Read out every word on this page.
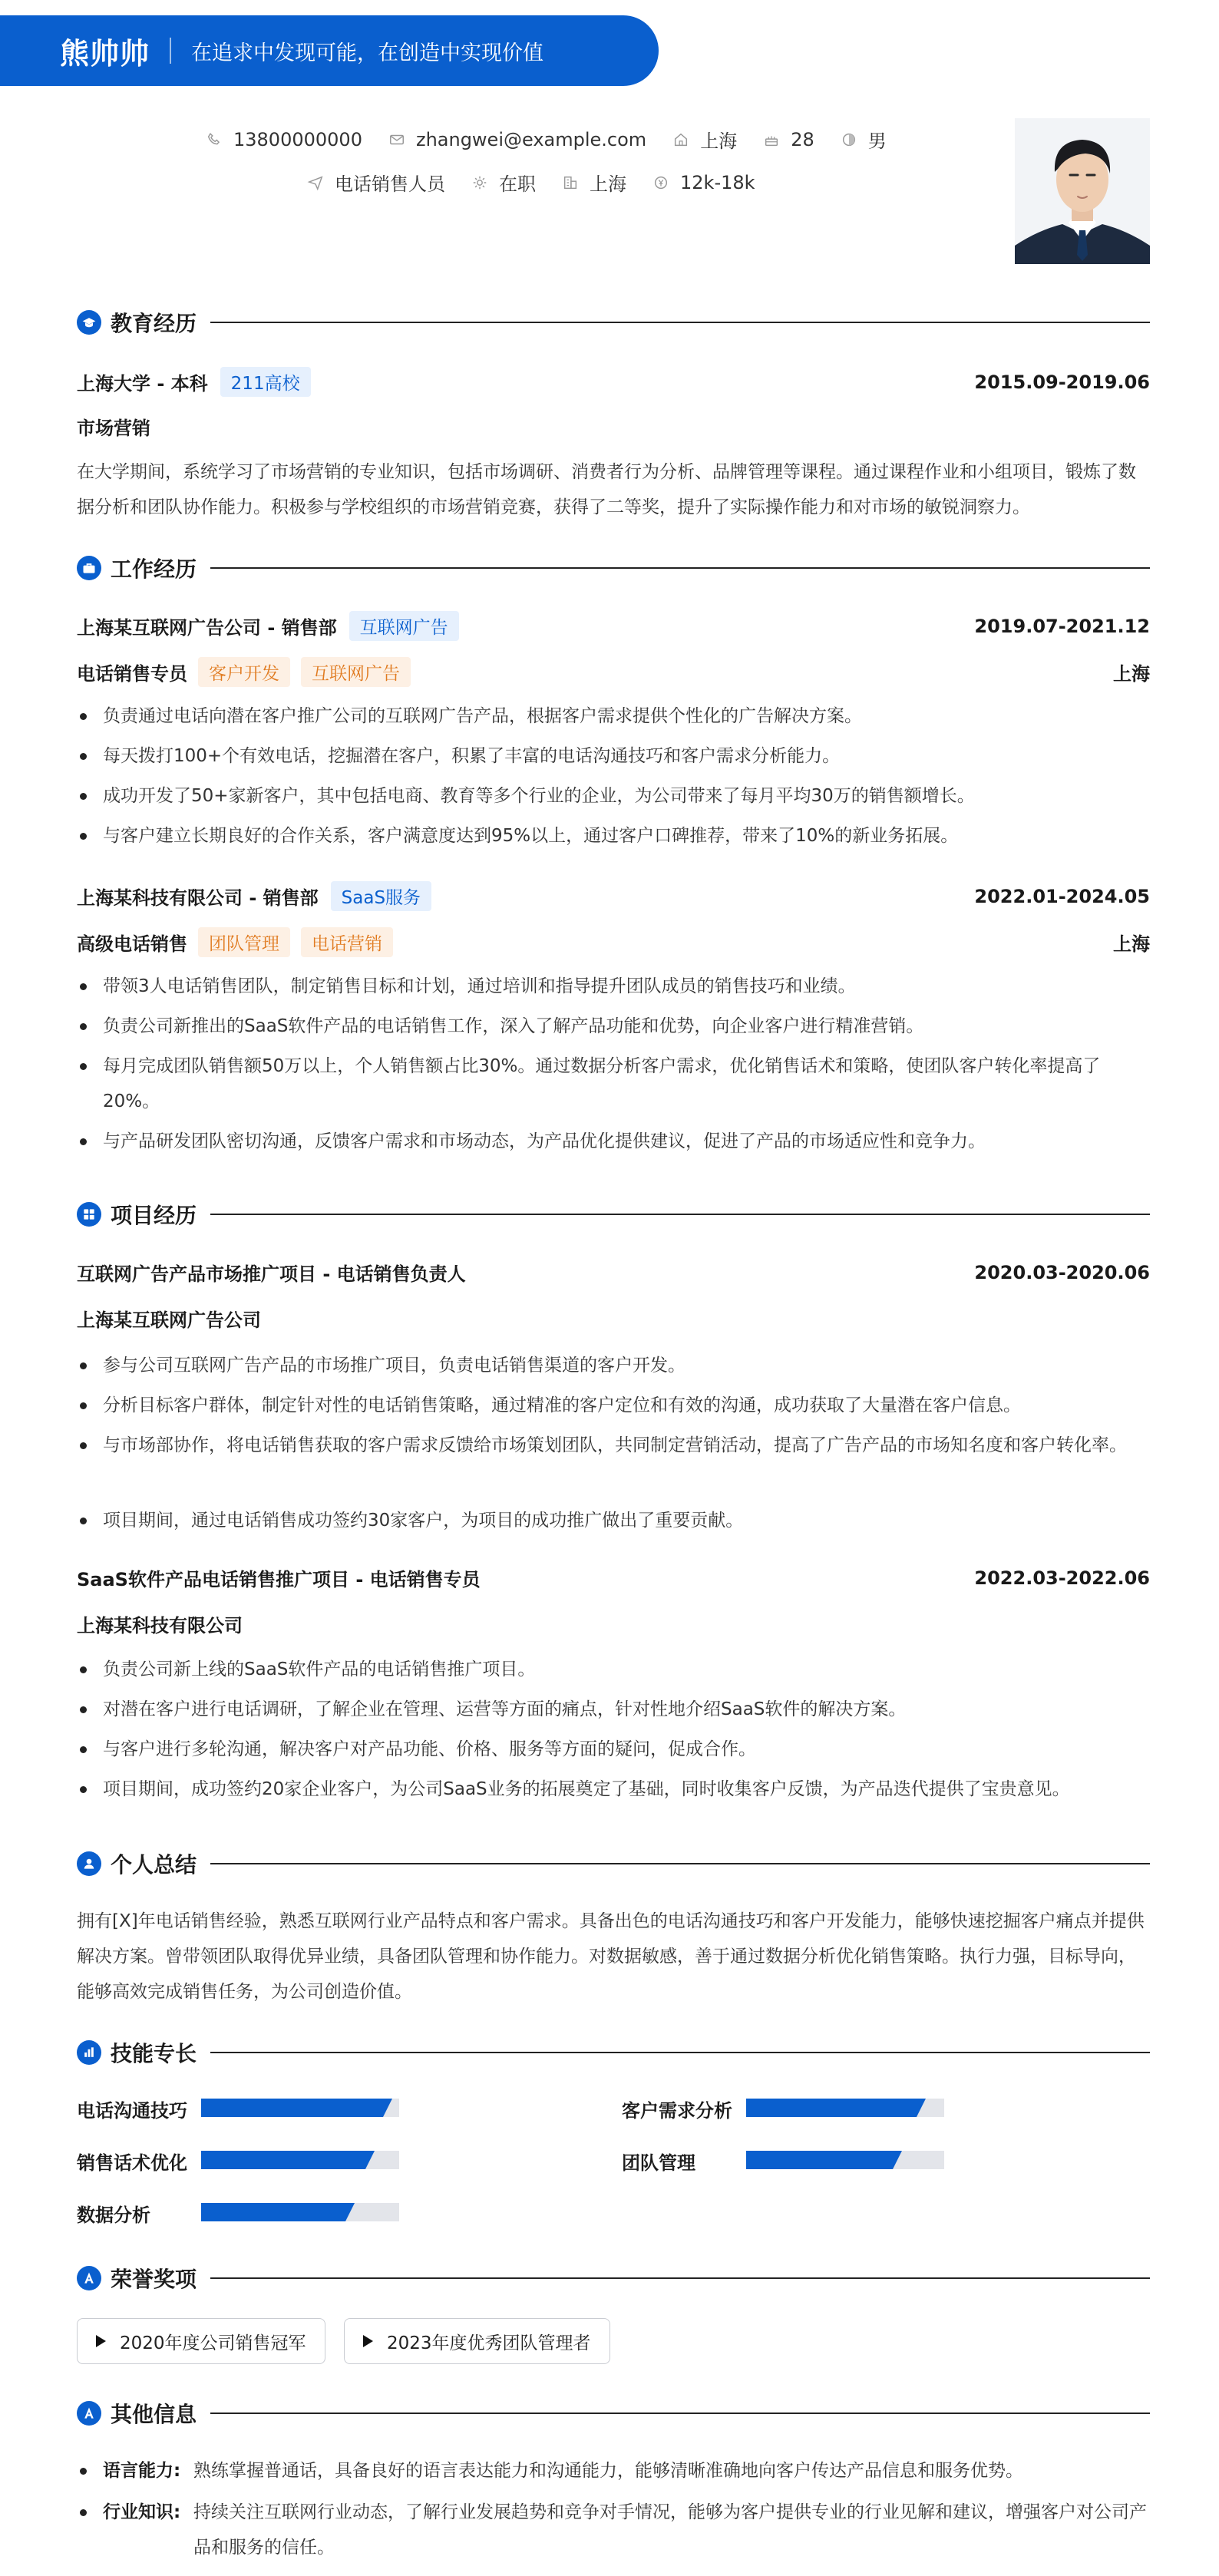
熊帅帅 在追求中发现可能，在创造中实现价值
13800000000	zhangwei@example.com	上海	28	男
电话销售人员	在职	上海	12k-18k
教育经历
上海大学 - 本科	211高校	2015.09-2019.06
市场营销
在大学期间，系统学习了市场营销的专业知识，包括市场调研、消费者行为分析、品牌管理等课程。通过课程作业和小组项目，锻炼了数据分析和团队协作能力。积极参与学校组织的市场营销竞赛，获得了二等奖，提升了实际操作能力和对市场的敏锐洞察力。
工作经历
上海某互联网广告公司 - 销售部	互联网广告	2019.07-2021.12
电话销售专员	客户开发	互联网广告	上海
负责通过电话向潜在客户推广公司的互联网广告产品，根据客户需求提供个性化的广告解决方案。
每天拨打100+个有效电话，挖掘潜在客户，积累了丰富的电话沟通技巧和客户需求分析能力。
成功开发了50+家新客户，其中包括电商、教育等多个行业的企业，为公司带来了每月平均30万的销售额增长。
与客户建立长期良好的合作关系，客户满意度达到95%以上，通过客户口碑推荐，带来了10%的新业务拓展。
上海某科技有限公司 - 销售部	SaaS服务	2022.01-2024.05
高级电话销售	团队管理	电话营销	上海
带领3人电话销售团队，制定销售目标和计划，通过培训和指导提升团队成员的销售技巧和业绩。
负责公司新推出的SaaS软件产品的电话销售工作，深入了解产品功能和优势，向企业客户进行精准营销。
每月完成团队销售额50万以上，个人销售额占比30%。通过数据分析客户需求，优化销售话术和策略，使团队客户转化率提高了20%。
与产品研发团队密切沟通，反馈客户需求和市场动态，为产品优化提供建议，促进了产品的市场适应性和竞争力。
项目经历
互联网广告产品市场推广项目 - 电话销售负责人	2020.03-2020.06
上海某互联网广告公司
参与公司互联网广告产品的市场推广项目，负责电话销售渠道的客户开发。
分析目标客户群体，制定针对性的电话销售策略，通过精准的客户定位和有效的沟通，成功获取了大量潜在客户信息。
与市场部协作，将电话销售获取的客户需求反馈给市场策划团队，共同制定营销活动，提高了广告产品的市场知名度和客户转化率。
项目期间，通过电话销售成功签约30家客户，为项目的成功推广做出了重要贡献。
SaaS软件产品电话销售推广项目 - 电话销售专员	2022.03-2022.06
上海某科技有限公司
负责公司新上线的SaaS软件产品的电话销售推广项目。
对潜在客户进行电话调研，了解企业在管理、运营等方面的痛点，针对性地介绍SaaS软件的解决方案。
与客户进行多轮沟通，解决客户对产品功能、价格、服务等方面的疑问，促成合作。
项目期间，成功签约20家企业客户，为公司SaaS业务的拓展奠定了基础，同时收集客户反馈，为产品迭代提供了宝贵意见。
个人总结
拥有[X]年电话销售经验，熟悉互联网行业产品特点和客户需求。具备出色的电话沟通技巧和客户开发能力，能够快速挖掘客户痛点并提供解决方案。曾带领团队取得优异业绩，具备团队管理和协作能力。对数据敏感，善于通过数据分析优化销售策略。执行力强，目标导向，能够高效完成销售任务，为公司创造价值。
技能专长
电话沟通技巧	客户需求分析
销售话术优化	团队管理
数据分析
荣誉奖项
2020年度公司销售冠军	2023年度优秀团队管理者
其他信息
语言能力: 熟练掌握普通话，具备良好的语言表达能力和沟通能力，能够清晰准确地向客户传达产品信息和服务优势。
行业知识: 持续关注互联网行业动态，了解行业发展趋势和竞争对手情况，能够为客户提供专业的行业见解和建议，增强客户对公司产品和服务的信任。
